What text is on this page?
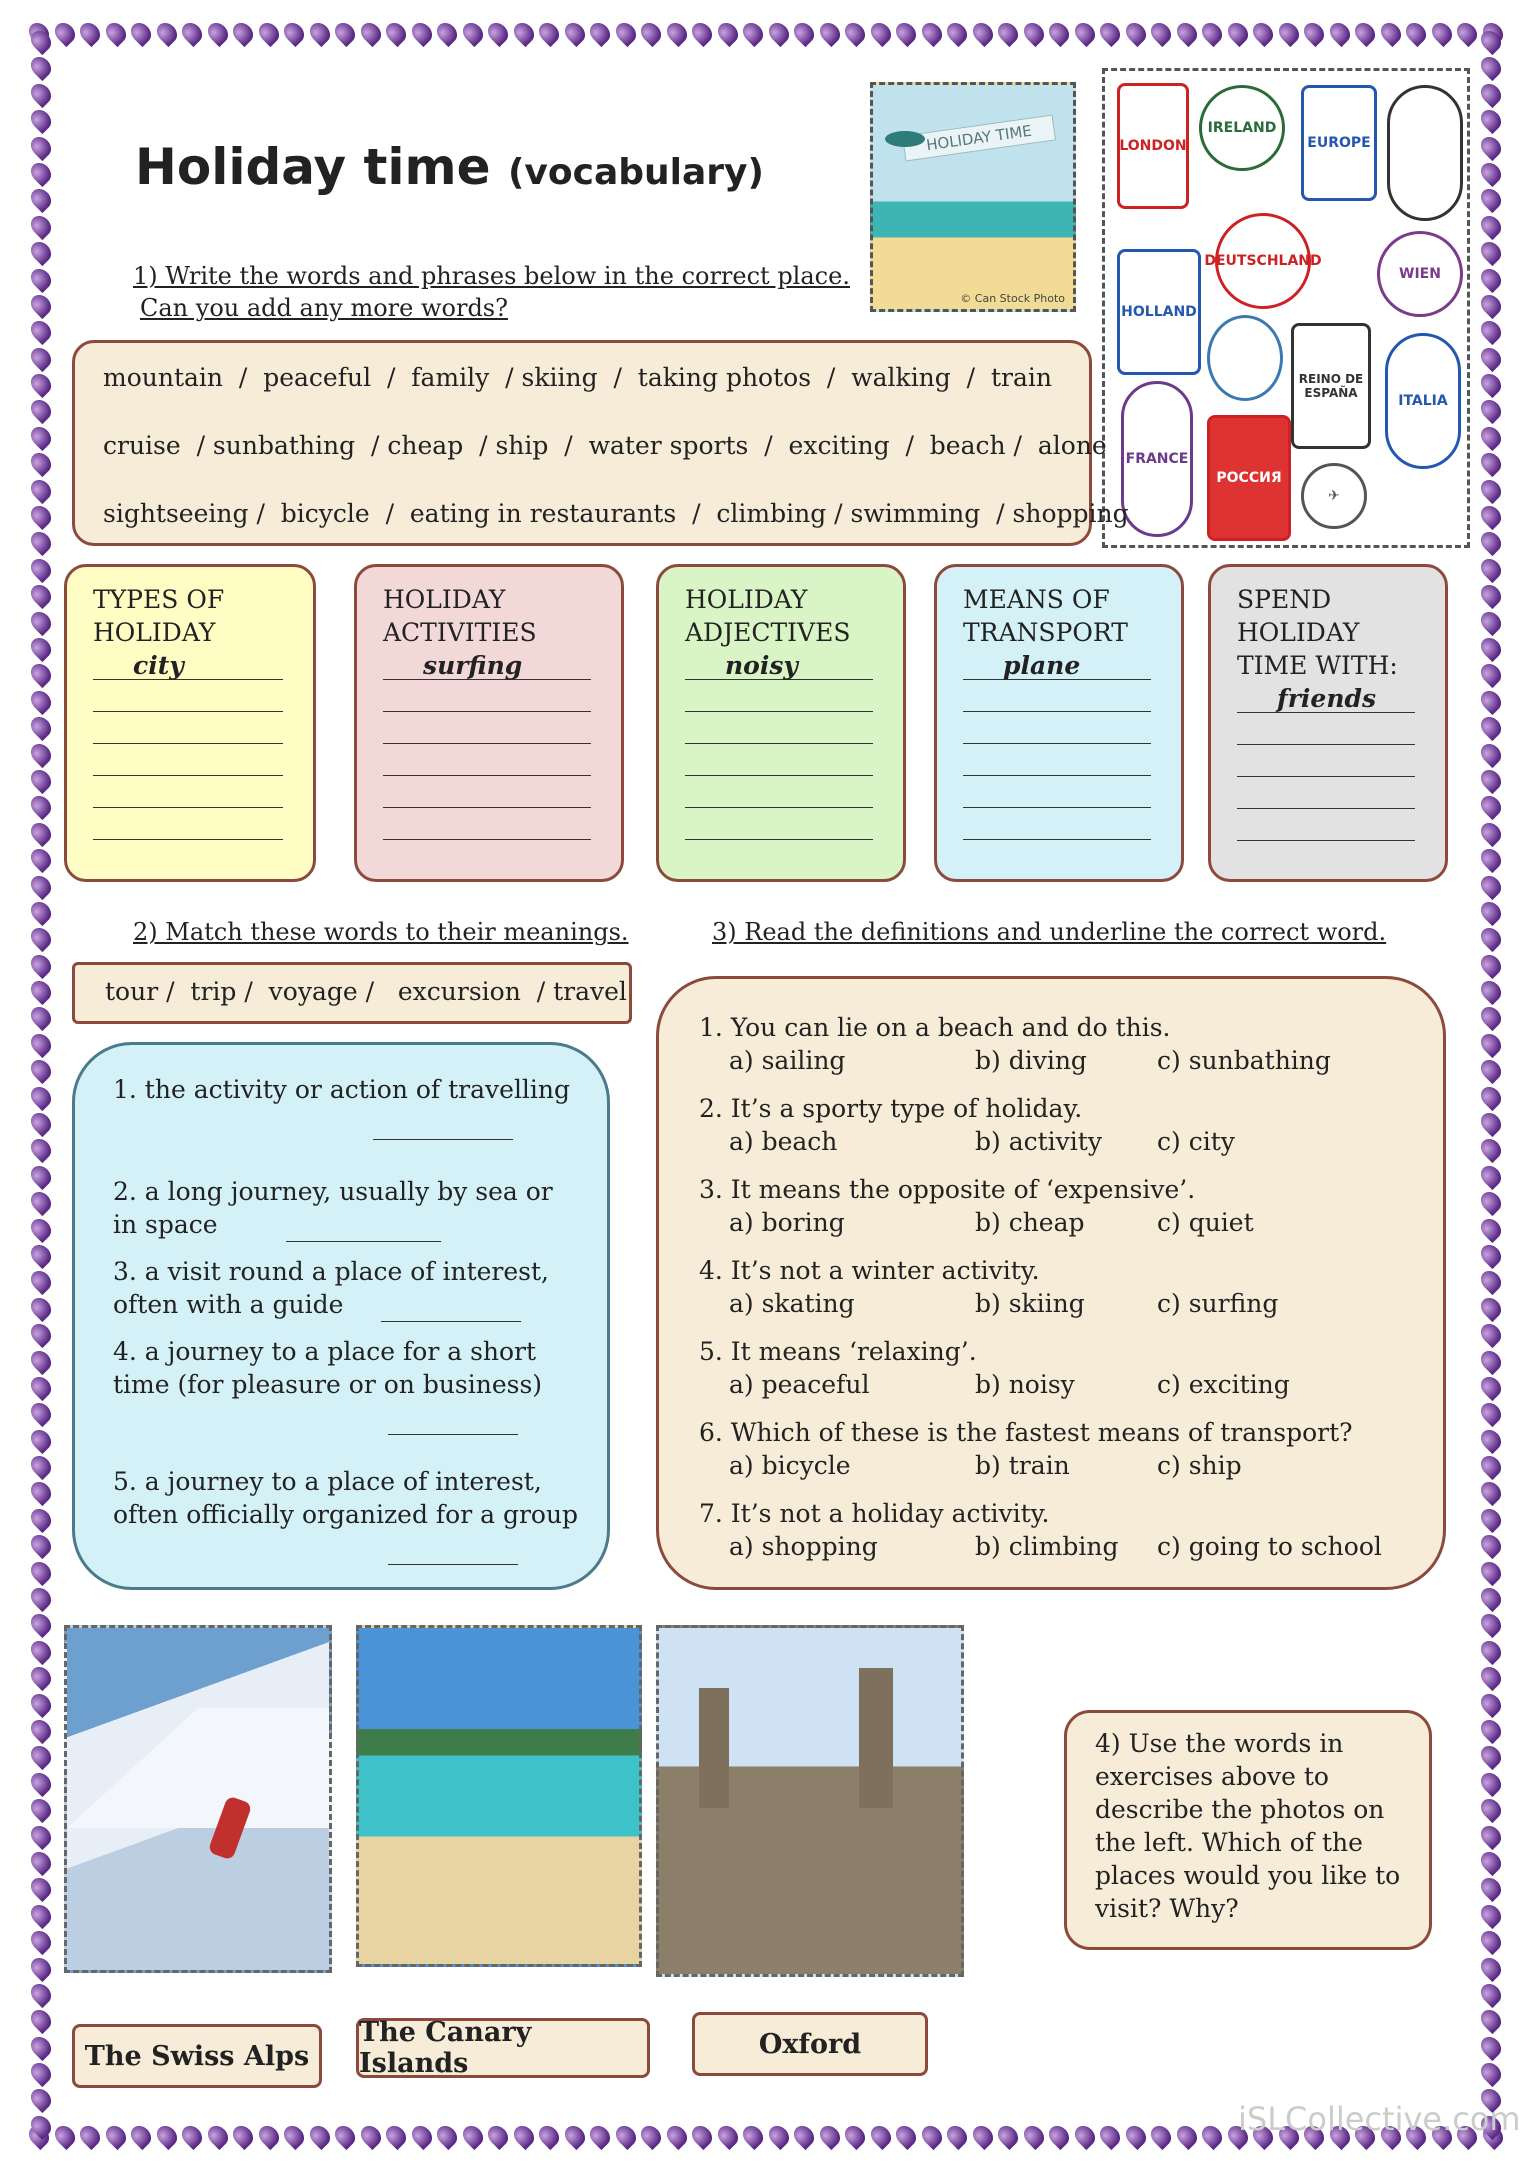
Holiday time (vocabulary)
HOLIDAY TIME
© Can Stock Photo
LONDON
IRELAND
EUROPE
HOLLAND
DEUTSCHLAND
WIEN
REINO DE ESPAÑA	ITALIA
FRANCE
РОССИЯ
✈
1) Write the words and phrases below in the correct place.
Can you add any more words?
mountain  /  peaceful  /  family  / skiing  /  taking photos  /  walking  /  train
cruise  / sunbathing  / cheap  / ship  /  water sports  /  exciting  /  beach /  alone
sightseeing /  bicycle  /  eating in restaurants  /  climbing / swimming  / shopping
TYPES OF
HOLIDAY
city
HOLIDAY
ACTIVITIES
surfing
HOLIDAY
ADJECTIVES
noisy
MEANS OF
TRANSPORT
plane
SPEND
HOLIDAY
TIME WITH:
friends
2) Match these words to their meanings.
tour /  trip /  voyage /   excursion  / travel
1. the activity or action of travelling

2. a long journey, usually by sea or in space
3. a visit round a place of interest, often with a guide
4. a journey to a place for a short time (for pleasure or on business)

5. a journey to a place of interest, often officially organized for a group

3) Read the definitions and underline the correct word.
1. You can lie on a beach and do this.
a) sailing	b) diving	c) sunbathing
2. It’s a sporty type of holiday.
a) beach	b) activity	c) city
3. It means the opposite of ‘expensive’.
a) boring	b) cheap	c) quiet
4. It’s not a winter activity.
a) skating	b) skiing	c) surfing
5. It means ‘relaxing’.
a) peaceful	b) noisy	c) exciting
6. Which of these is the fastest means of transport?
a) bicycle	b) train	c) ship
7. It’s not a holiday activity.
a) shopping	b) climbing	c) going to school
4) Use the words in exercises above to describe the photos on the left. Which of the places would you like to visit? Why?
The Swiss Alps
The Canary Islands
Oxford
iSLCollective.com
